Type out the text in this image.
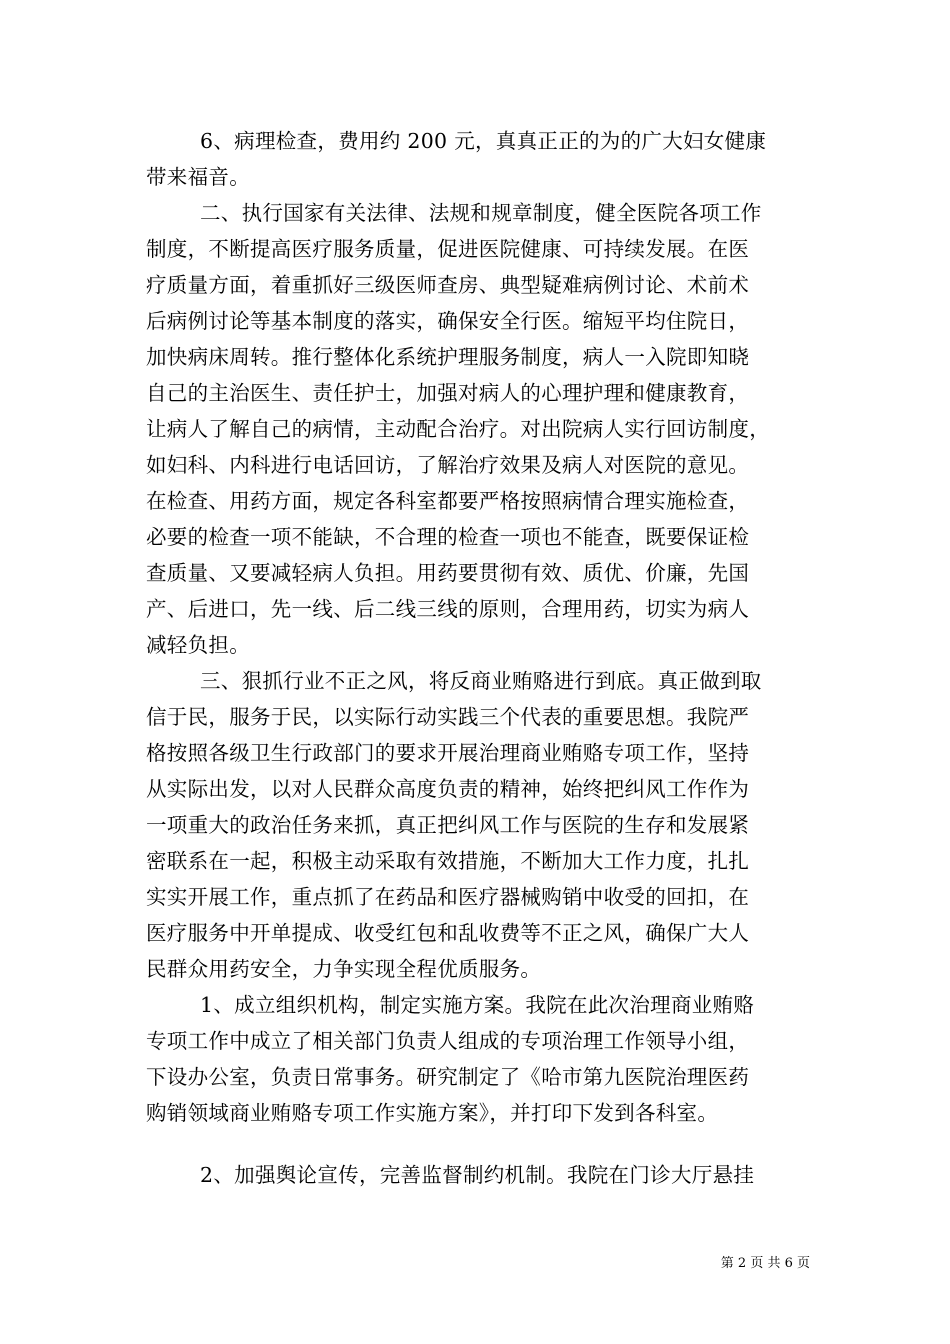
6、病理检查，费用约 200 元，真真正正的为的广大妇女健康
带来福音。
二、执行国家有关法律、法规和规章制度，健全医院各项工作
制度，不断提高医疗服务质量，促进医院健康、可持续发展。在医
疗质量方面，着重抓好三级医师查房、典型疑难病例讨论、术前术
后病例讨论等基本制度的落实，确保安全行医。缩短平均住院日，
加快病床周转。推行整体化系统护理服务制度，病人一入院即知晓
自己的主治医生、责任护士，加强对病人的心理护理和健康教育，
让病人了解自己的病情，主动配合治疗。对出院病人实行回访制度，
如妇科、内科进行电话回访，了解治疗效果及病人对医院的意见。
在检查、用药方面，规定各科室都要严格按照病情合理实施检查，
必要的检查一项不能缺，不合理的检查一项也不能查，既要保证检
查质量、又要减轻病人负担。用药要贯彻有效、质优、价廉，先国
产、后进口，先一线、后二线三线的原则，合理用药，切实为病人
减轻负担。
三、狠抓行业不正之风，将反商业贿赂进行到底。真正做到取
信于民，服务于民，以实际行动实践三个代表的重要思想。我院严
格按照各级卫生行政部门的要求开展治理商业贿赂专项工作，坚持
从实际出发，以对人民群众高度负责的精神，始终把纠风工作作为
一项重大的政治任务来抓，真正把纠风工作与医院的生存和发展紧
密联系在一起，积极主动采取有效措施，不断加大工作力度，扎扎
实实开展工作，重点抓了在药品和医疗器械购销中收受的回扣，在
医疗服务中开单提成、收受红包和乱收费等不正之风，确保广大人
民群众用药安全，力争实现全程优质服务。
1、成立组织机构，制定实施方案。我院在此次治理商业贿赂
专项工作中成立了相关部门负责人组成的专项治理工作领导小组，
下设办公室，负责日常事务。研究制定了《哈市第九医院治理医药
购销领域商业贿赂专项工作实施方案》，并打印下发到各科室。
2、加强舆论宣传，完善监督制约机制。我院在门诊大厅悬挂
第 2 页 共 6 页
